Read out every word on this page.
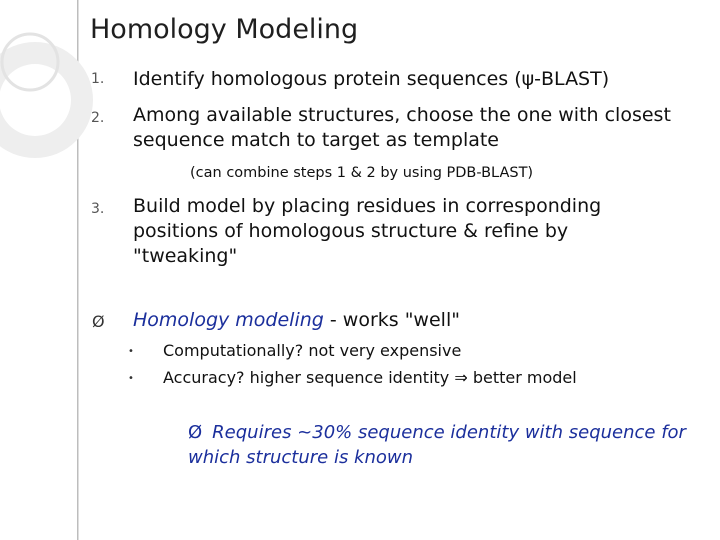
Homology Modeling
1. Identify homologous protein sequences (ψ-BLAST)
2. Among available structures, choose the one with closest sequence match to target as template
(can combine steps 1 & 2 by using PDB-BLAST)
3. Build model by placing residues in corresponding positions of homologous structure & refine by "tweaking"
Ø Homology modeling - works "well"
• Computationally? not very expensive
• Accuracy? higher sequence identity ⇒ better model
Ø Requires ~30% sequence identity with sequence for which structure is known
